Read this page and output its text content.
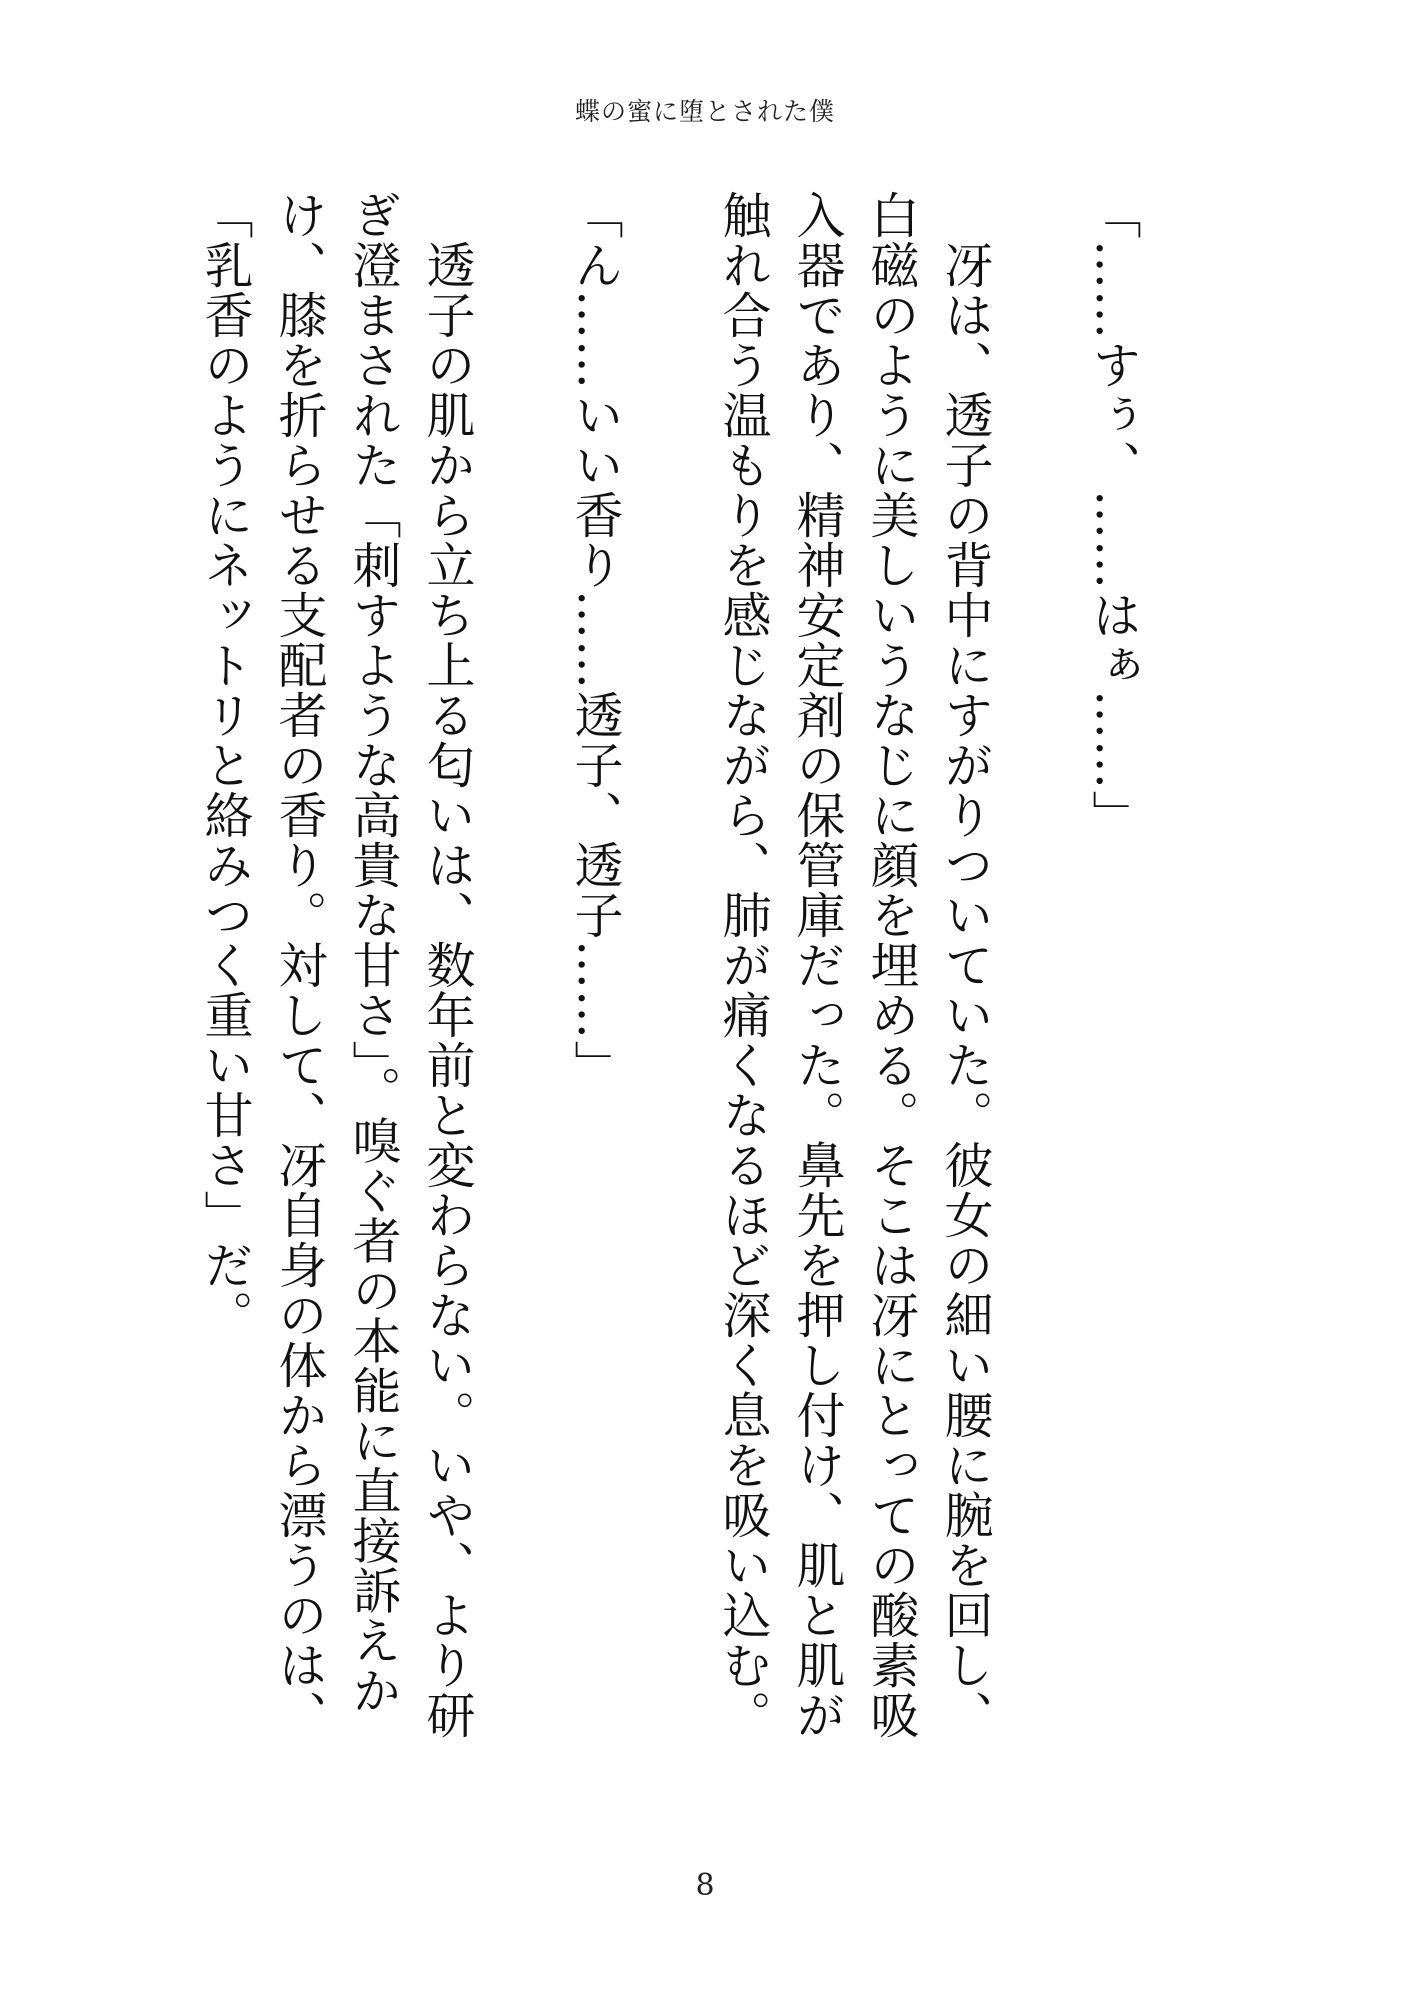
蝶の蜜に堕とされた僕

「……すぅ、……はぁ……」

　冴は、透子の背中にすがりついていた。彼女の細い腰に腕を回し、白磁のように美しいうなじに顔を埋める。そこは冴にとっての酸素吸入器であり、精神安定剤の保管庫だった。鼻先を押し付け、肌と肌が触れ合う温もりを感じながら、肺が痛くなるほど深く息を吸い込む。

「ん……いい香り……透子、透子……」

　透子の肌から立ち上る匂いは、数年前と変わらない。いや、より研ぎ澄まされた「刺すような高貴な甘さ」。嗅ぐ者の本能に直接訴えかけ、膝を折らせる支配者の香り。対して、冴自身の体から漂うのは、「乳香のようにネットリと絡みつく重い甘さ」だ。

8
